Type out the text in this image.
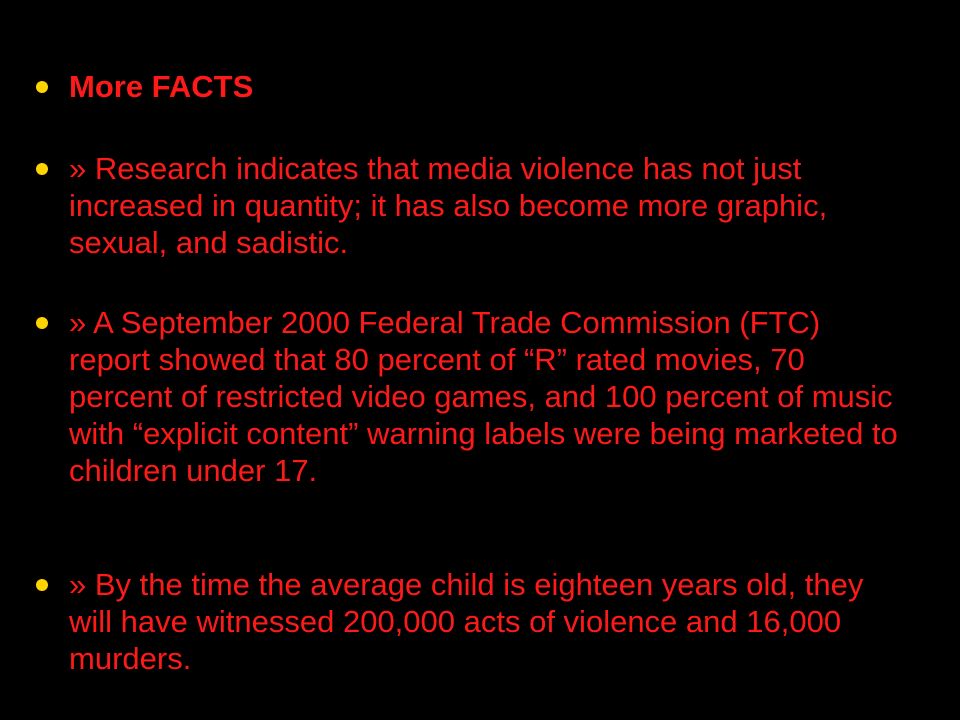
More FACTS
» Research indicates that media violence has not just increased in quantity; it has also become more graphic, sexual, and sadistic.
» A September 2000 Federal Trade Commission (FTC) report showed that 80 percent of “R” rated movies, 70 percent of restricted video games, and 100 percent of music with “explicit content” warning labels were being marketed to children under 17.
» By the time the average child is eighteen years old, they will have witnessed 200,000 acts of violence and 16,000 murders.
